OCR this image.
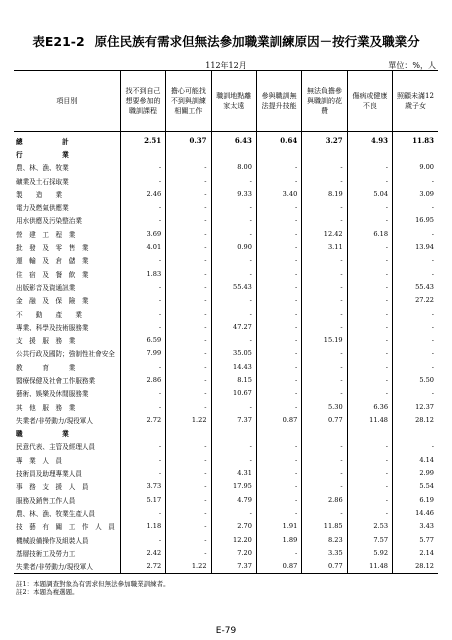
表E21-2 原住民族有需求但無法參加職業訓練原因－按行業及職業分
112年12月	單位：%，人
項目別	找不到自己想要參加的職訓課程	擔心可能找不到與訓練相關工作	職訓地點離家太遠	參與職訓無法提升技能	無法負擔參與職訓的花費	傷病或健康不良	照顧未滿12歲子女
總　　　　　　計	2.51	0.37	6.43	0.64	3.27	4.93	11.83
行　　　　　　業							
農、林、漁、牧業	-	-	8.00	-	-	-	9.00
礦業及土石採取業	-	-	-	-	-	-	-
製　　造　　業	2.46	-	9.33	3.40	8.19	5.04	3.09
電力及燃氣供應業	-	-	-	-	-	-	-
用水供應及污染整治業	-	-	-	-	-	-	16.95
營　建　工　程　業	3.69	-	-	-	12.42	6.18	-
批　發　及　零　售　業	4.01	-	0.90	-	3.11	-	13.94
運　輸　及　倉　儲　業	-	-	-	-	-	-	-
住　宿　及　餐　飲　業	1.83	-	-	-	-	-	-
出版影音及資通訊業	-	-	55.43	-	-	-	55.43
金　融　及　保　險　業	-	-	-	-	-	-	27.22
不　　動　　產　　業	-	-	-	-	-	-	-
專業、科學及技術服務業	-	-	47.27	-	-	-	-
支　援　服　務　業	6.59	-	-	-	15.19	-	-
公共行政及國防；強制性社會安全	7.99	-	35.05	-	-	-	-
教　　　育　　　業	-	-	14.43	-	-	-	-
醫療保健及社會工作服務業	2.86	-	8.15	-	-	-	5.50
藝術、娛樂及休閒服務業	-	-	10.67	-	-	-	-
其　他　服　務　業	-	-	-	-	5.30	6.36	12.37
失業者/非勞動力/現役軍人	2.72	1.22	7.37	0.87	0.77	11.48	28.12
職　　　　　　業							
民意代表、主管及經理人員	-	-	-	-	-	-	-
專　業　人　員	-	-	-	-	-	-	4.14
技術員及助理專業人員	-	-	4.31	-	-	-	2.99
事　務　支　援　人　員	3.73	-	17.95	-	-	-	5.54
服務及銷售工作人員	5.17	-	4.79	-	2.86	-	6.19
農、林、漁、牧業生產人員	-	-	-	-	-	-	14.46
技　藝　有　關　工　作　人　員	1.18	-	2.70	1.91	11.85	2.53	3.43
機械設備操作及組裝人員	-	-	12.20	1.89	8.23	7.57	5.77
基層技術工及勞力工	2.42	-	7.20	-	3.35	5.92	2.14
失業者/非勞動力/現役軍人	2.72	1.22	7.37	0.87	0.77	11.48	28.12
註1：本題調查對象為有需求但無法參加職業訓練者。
註2：本題為複選題。
E-79
